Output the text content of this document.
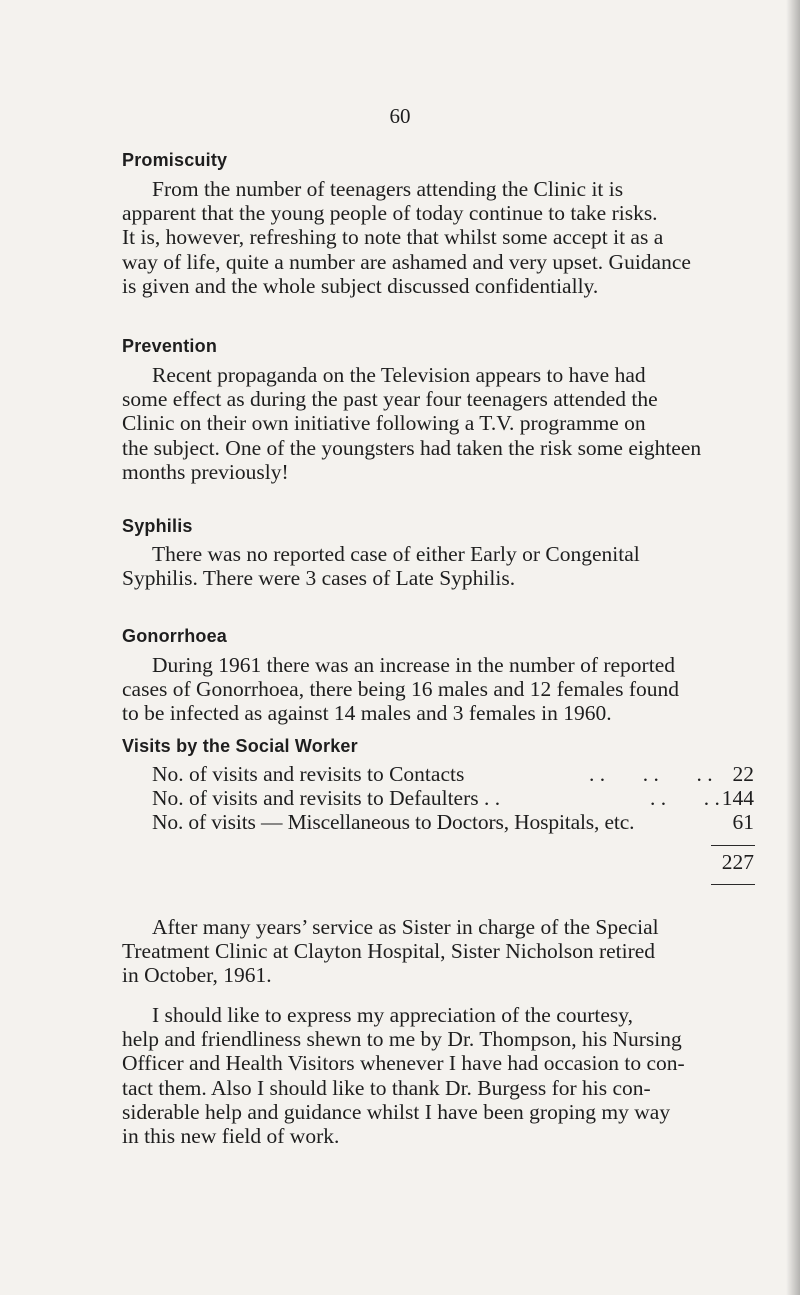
60
Promiscuity
From the number of teenagers attending the Clinic it is
apparent that the young people of today continue to take risks.
It is, however, refreshing to note that whilst some accept it as a
way of life, quite a number are ashamed and very upset. Guidance
is given and the whole subject discussed confidentially.
Prevention
Recent propaganda on the Television appears to have had
some effect as during the past year four teenagers attended the
Clinic on their own initiative following a T.V. programme on
the subject. One of the youngsters had taken the risk some eighteen
months previously!
Syphilis
There was no reported case of either Early or Congenital
Syphilis. There were 3 cases of Late Syphilis.
Gonorrhoea
During 1961 there was an increase in the number of reported
cases of Gonorrhoea, there being 16 males and 12 females found
to be infected as against 14 males and 3 females in 1960.
Visits by the Social Worker
No. of visits and revisits to Contacts	. .       . .       . . 22
No. of visits and revisits to Defaulters . .	. .       . . 144
No. of visits — Miscellaneous to Doctors, Hospitals, etc.	61
227
After many years’ service as Sister in charge of the Special
Treatment Clinic at Clayton Hospital, Sister Nicholson retired
in October, 1961.
I should like to express my appreciation of the courtesy,
help and friendliness shewn to me by Dr. Thompson, his Nursing
Officer and Health Visitors whenever I have had occasion to con-
tact them. Also I should like to thank Dr. Burgess for his con-
siderable help and guidance whilst I have been groping my way
in this new field of work.
